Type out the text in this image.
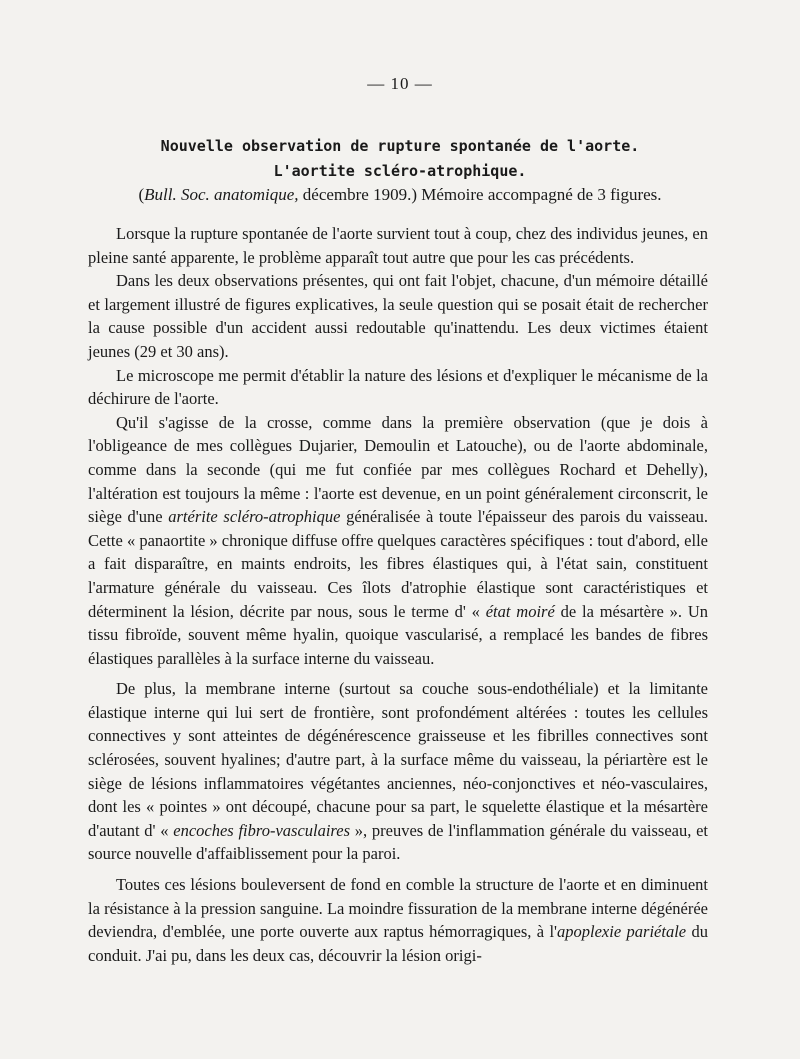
— 10 —
Nouvelle observation de rupture spontanée de l'aorte.
L'aortite scléro-atrophique.
(Bull. Soc. anatomique, décembre 1909.) Mémoire accompagné de 3 figures.

Lorsque la rupture spontanée de l'aorte survient tout à coup, chez des individus jeunes, en pleine santé apparente, le problème apparaît tout autre que pour les cas précédents.

Dans les deux observations présentes, qui ont fait l'objet, chacune, d'un mémoire détaillé et largement illustré de figures explicatives, la seule question qui se posait était de rechercher la cause possible d'un accident aussi redoutable qu'inattendu. Les deux victimes étaient jeunes (29 et 30 ans).

Le microscope me permit d'établir la nature des lésions et d'expliquer le mécanisme de la déchirure de l'aorte.

Qu'il s'agisse de la crosse, comme dans la première observation (que je dois à l'obligeance de mes collègues Dujarier, Demoulin et Latouche), ou de l'aorte abdominale, comme dans la seconde (qui me fut confiée par mes collègues Rochard et Dehelly), l'altération est toujours la même : l'aorte est devenue, en un point généralement circonscrit, le siège d'une artérite scléro-atrophique généralisée à toute l'épaisseur des parois du vaisseau. Cette « panaortite » chronique diffuse offre quelques caractères spécifiques : tout d'abord, elle a fait disparaître, en maints endroits, les fibres élastiques qui, à l'état sain, constituent l'armature générale du vaisseau. Ces îlots d'atrophie élastique sont caractéristiques et déterminent la lésion, décrite par nous, sous le terme d' « état moiré de la mésartère ». Un tissu fibroïde, souvent même hyalin, quoique vascularisé, a remplacé les bandes de fibres élastiques parallèles à la surface interne du vaisseau.

De plus, la membrane interne (surtout sa couche sous-endothéliale) et la limitante élastique interne qui lui sert de frontière, sont profondément altérées : toutes les cellules connectives y sont atteintes de dégénérescence graisseuse et les fibrilles connectives sont sclérosées, souvent hyalines; d'autre part, à la surface même du vaisseau, la périartère est le siège de lésions inflammatoires végétantes anciennes, néo-conjonctives et néo-vasculaires, dont les « pointes » ont découpé, chacune pour sa part, le squelette élastique et la mésartère d'autant d' « encoches fibro-vasculaires », preuves de l'inflammation générale du vaisseau, et source nouvelle d'affaiblissement pour la paroi.

Toutes ces lésions bouleversent de fond en comble la structure de l'aorte et en diminuent la résistance à la pression sanguine. La moindre fissuration de la membrane interne dégénérée deviendra, d'emblée, une porte ouverte aux raptus hémorragiques, à l'apoplexie pariétale du conduit. J'ai pu, dans les deux cas, découvrir la lésion origi-
